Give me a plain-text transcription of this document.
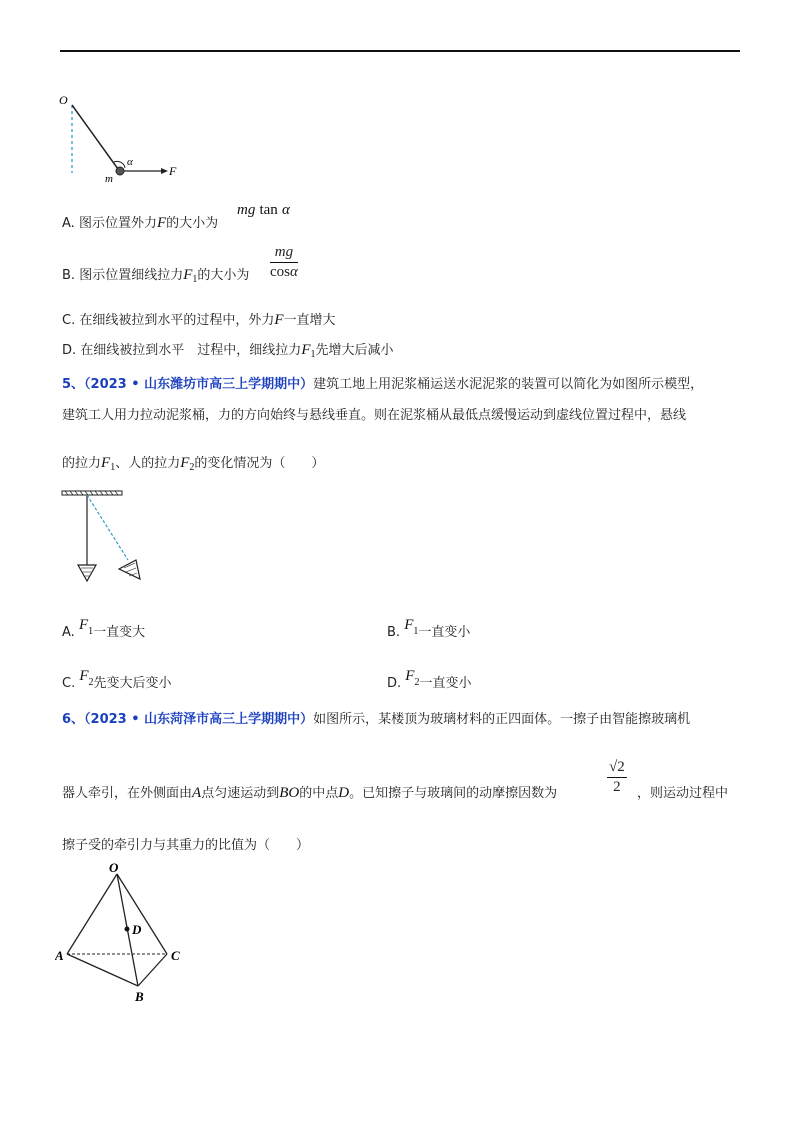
O
m
α
F
A. 图示位置外力F的大小为
mg tan α
B. 图示位置细线拉力$F_1$的大小为 $\frac{mg}{\cos\alpha}$
C. 在细线被拉到水平的过程中，外力F一直增大
D. 在细线被拉到水平　过程中，细线拉力$F_1$先增大后减小
5、（2023 • 山东潍坊市高三上学期期中）建筑工地上用泥浆桶运送水泥泥浆的装置可以简化为如图所示模型，
建筑工人用力拉动泥浆桶，力的方向始终与悬线垂直。则在泥浆桶从最低点缓慢运动到虚线位置过程中，悬线
的拉力$F_1$、人的拉力$F_2$的变化情况为（　　）
A. $F^1$一直变大	B. $F^1$一直变小
C. $F^2$先变大后变小	D. $F^2$一直变小
6、（2023 • 山东菏泽市高三上学期期中）如图所示，某楼顶为玻璃材料的正四面体。一擦子由智能擦玻璃机
器人牵引，在外侧面由A点匀速运动到BO的中点D。已知擦子与玻璃间的动摩擦因数为	$\frac{√2}{2}$ ，则运动过程中
擦子受的牵引力与其重力的比值为（　　）
O
A	C
B
D
